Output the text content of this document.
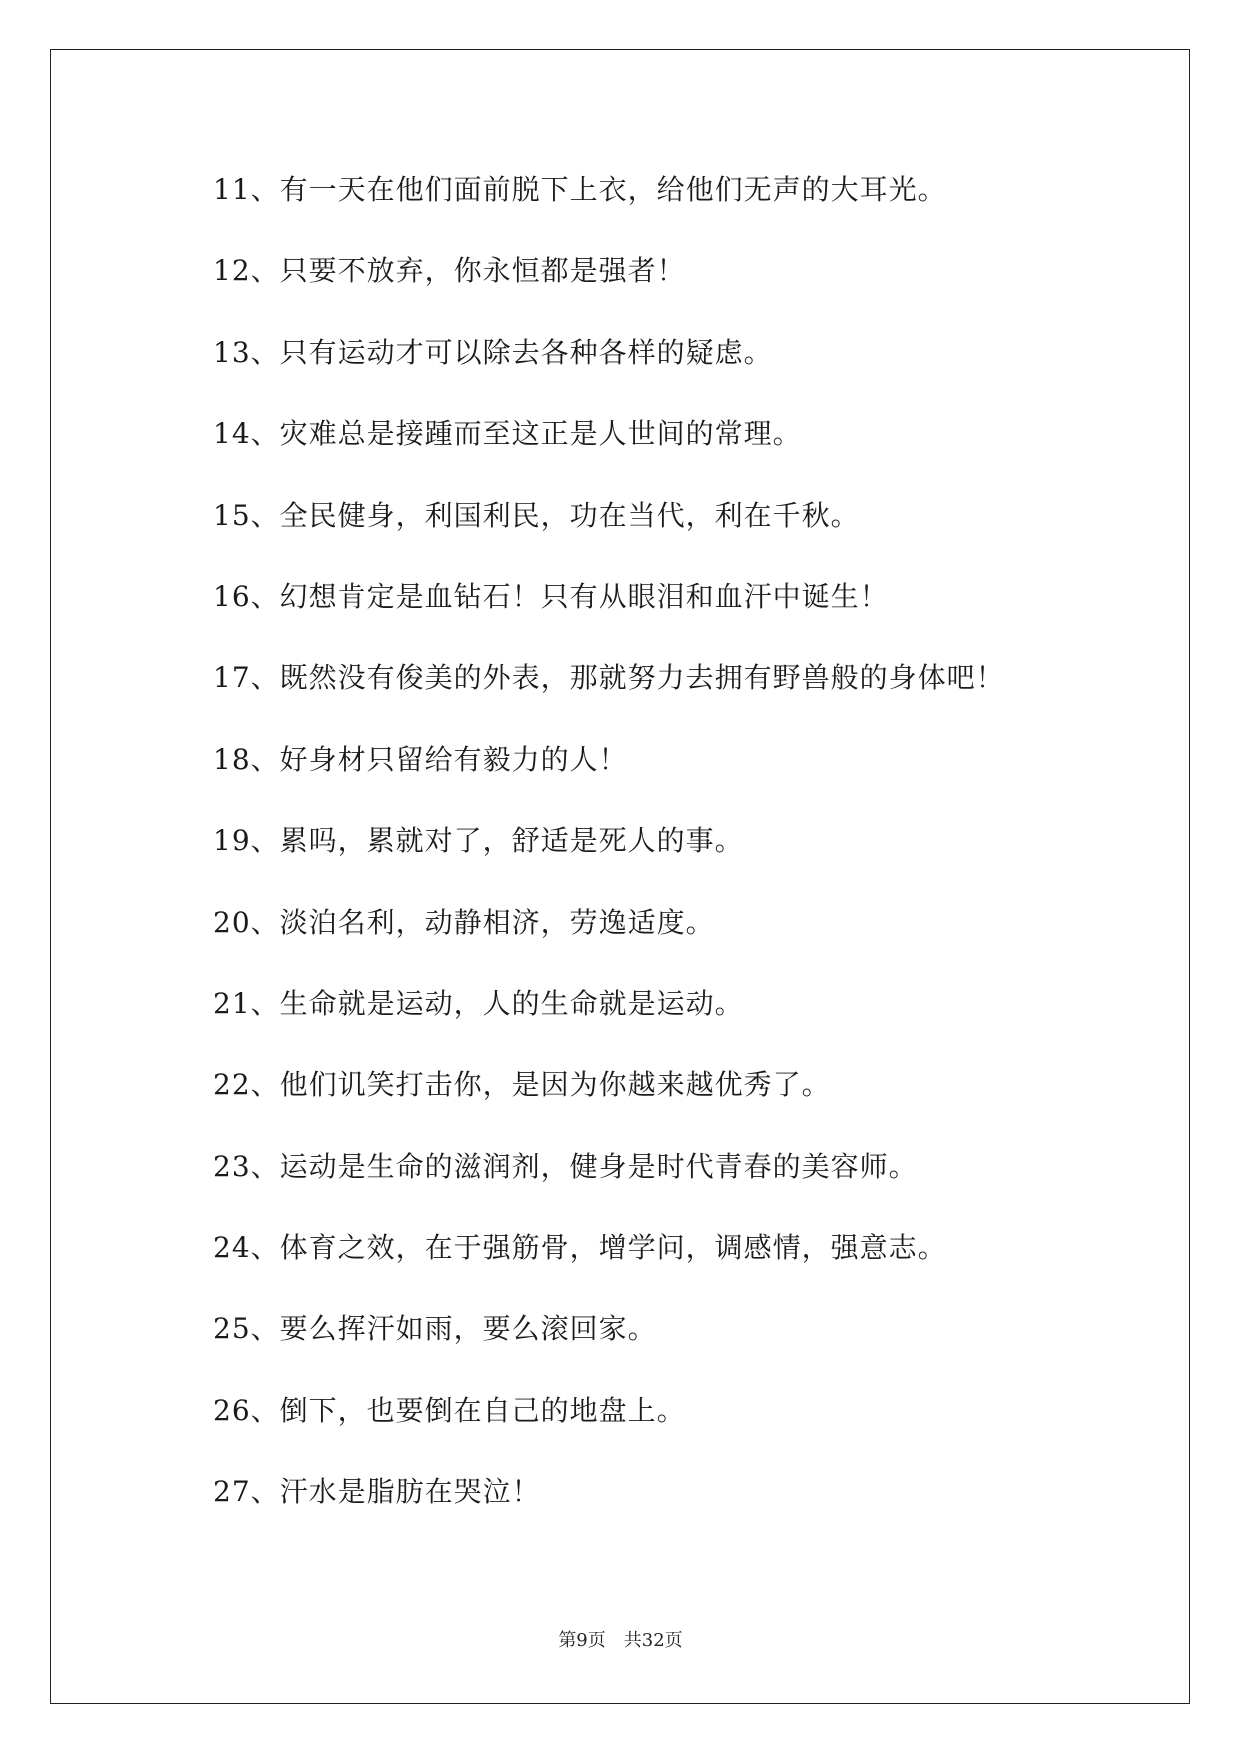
11、有一天在他们面前脱下上衣，给他们无声的大耳光。
12、只要不放弃，你永恒都是强者！
13、只有运动才可以除去各种各样的疑虑。
14、灾难总是接踵而至这正是人世间的常理。
15、全民健身，利国利民，功在当代，利在千秋。
16、幻想肯定是血钻石！只有从眼泪和血汗中诞生！
17、既然没有俊美的外表，那就努力去拥有野兽般的身体吧！
18、好身材只留给有毅力的人！
19、累吗，累就对了，舒适是死人的事。
20、淡泊名利，动静相济，劳逸适度。
21、生命就是运动，人的生命就是运动。
22、他们讥笑打击你，是因为你越来越优秀了。
23、运动是生命的滋润剂，健身是时代青春的美容师。
24、体育之效，在于强筋骨，增学问，调感情，强意志。
25、要么挥汗如雨，要么滚回家。
26、倒下，也要倒在自己的地盘上。
27、汗水是脂肪在哭泣！
第9页 共32页
